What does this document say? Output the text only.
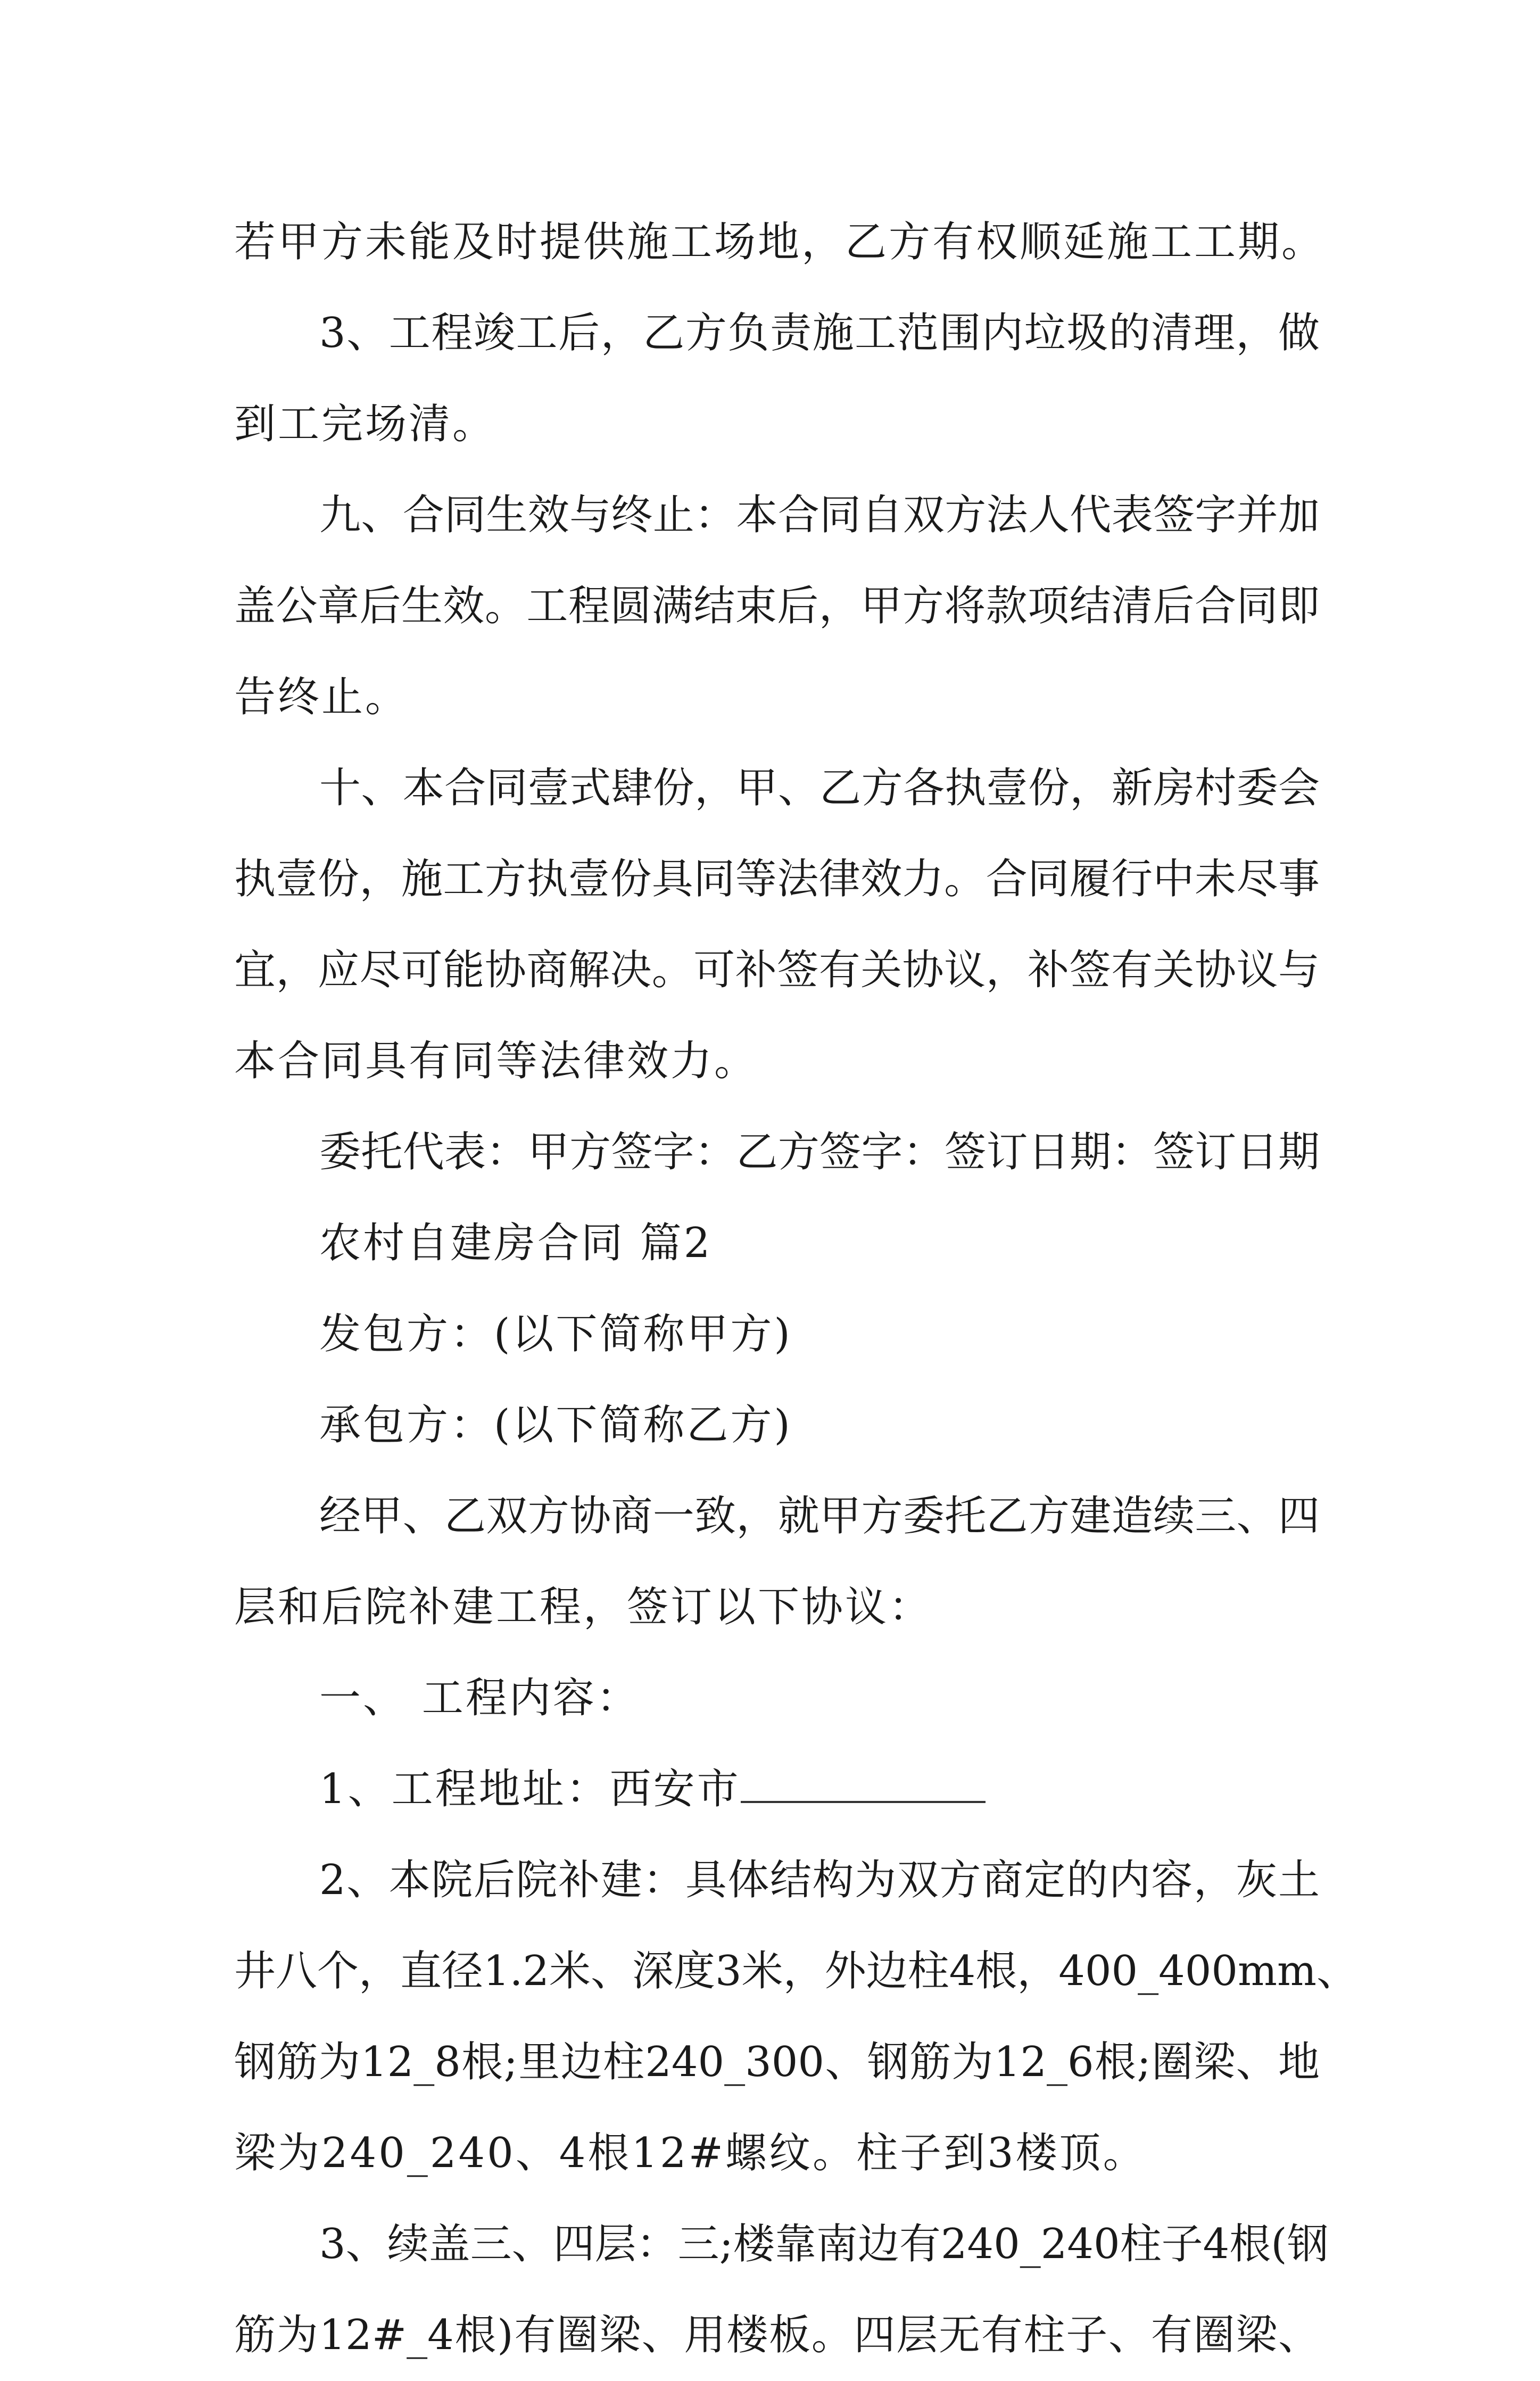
若甲方未能及时提供施工场地，乙方有权顺延施工工期。
3、工程竣工后，乙方负责施工范围内垃圾的清理，做
到工完场清。
九、合同生效与终止：本合同自双方法人代表签字并加
盖公章后生效。工程圆满结束后，甲方将款项结清后合同即
告终止。
十、本合同壹式肆份，甲、乙方各执壹份，新房村委会
执壹份，施工方执壹份具同等法律效力。合同履行中未尽事
宜，应尽可能协商解决。可补签有关协议，补签有关协议与
本合同具有同等法律效力。
委托代表：甲方签字：乙方签字：签订日期：签订日期
农村自建房合同 篇2
发包方：(以下简称甲方)
承包方：(以下简称乙方)
经甲、乙双方协商一致，就甲方委托乙方建造续三、四
层和后院补建工程，签订以下协议：
一、 工程内容：
1、工程地址：西安市
2、本院后院补建：具体结构为双方商定的内容，灰土
井八个，直径1.2米、深度3米，外边柱4根，400_400mm、
钢筋为12_8根;里边柱240_300、钢筋为12_6根;圈梁、地
梁为240_240、4根12#螺纹。柱子到3楼顶。
3、续盖三、四层：三;楼靠南边有240_240柱子4根(钢
筋为12#_4根)有圈梁、用楼板。四层无有柱子、有圈梁、
